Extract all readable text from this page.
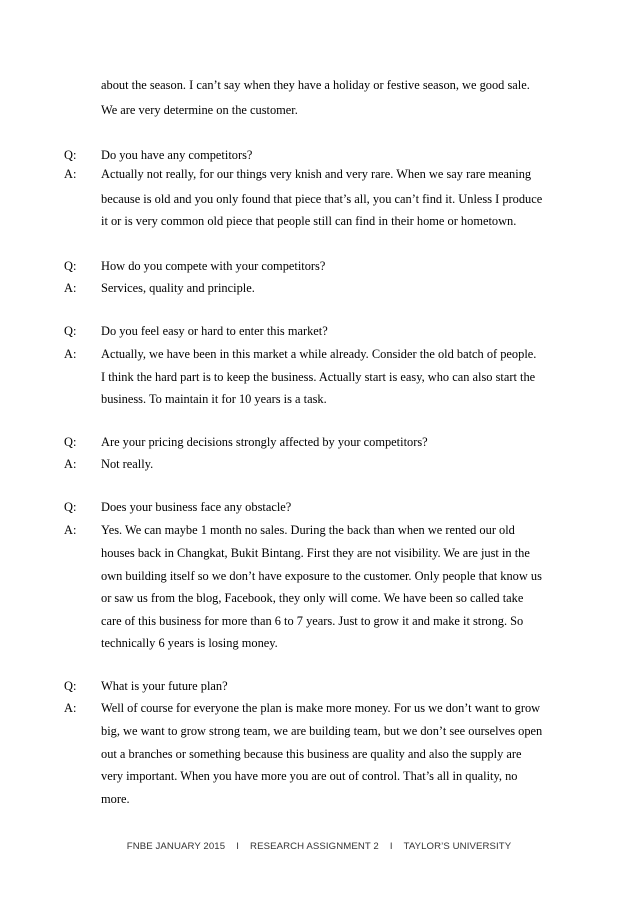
about the season. I can’t say when they have a holiday or festive season, we good sale.
We are very determine on the customer.
Q: Do you have any competitors?
A: Actually not really, for our things very knish and very rare. When we say rare meaning
because is old and you only found that piece that’s all, you can’t find it. Unless I produce
it or is very common old piece that people still can find in their home or hometown.
Q: How do you compete with your competitors?
A: Services, quality and principle.
Q: Do you feel easy or hard to enter this market?
A: Actually, we have been in this market a while already. Consider the old batch of people.
I think the hard part is to keep the business. Actually start is easy, who can also start the
business. To maintain it for 10 years is a task.
Q: Are your pricing decisions strongly affected by your competitors?
A: Not really.
Q: Does your business face any obstacle?
A: Yes. We can maybe 1 month no sales. During the back than when we rented our old
houses back in Changkat, Bukit Bintang. First they are not visibility. We are just in the
own building itself so we don’t have exposure to the customer. Only people that know us
or saw us from the blog, Facebook, they only will come. We have been so called take
care of this business for more than 6 to 7 years. Just to grow it and make it strong. So
technically 6 years is losing money.
Q: What is your future plan?
A: Well of course for everyone the plan is make more money. For us we don’t want to grow
big, we want to grow strong team, we are building team, but we don’t see ourselves open
out a branches or something because this business are quality and also the supply are
very important. When you have more you are out of control. That’s all in quality, no
more.
FNBE JANUARY 2015    I    RESEARCH ASSIGNMENT 2    I    TAYLOR’S UNIVERSITY
